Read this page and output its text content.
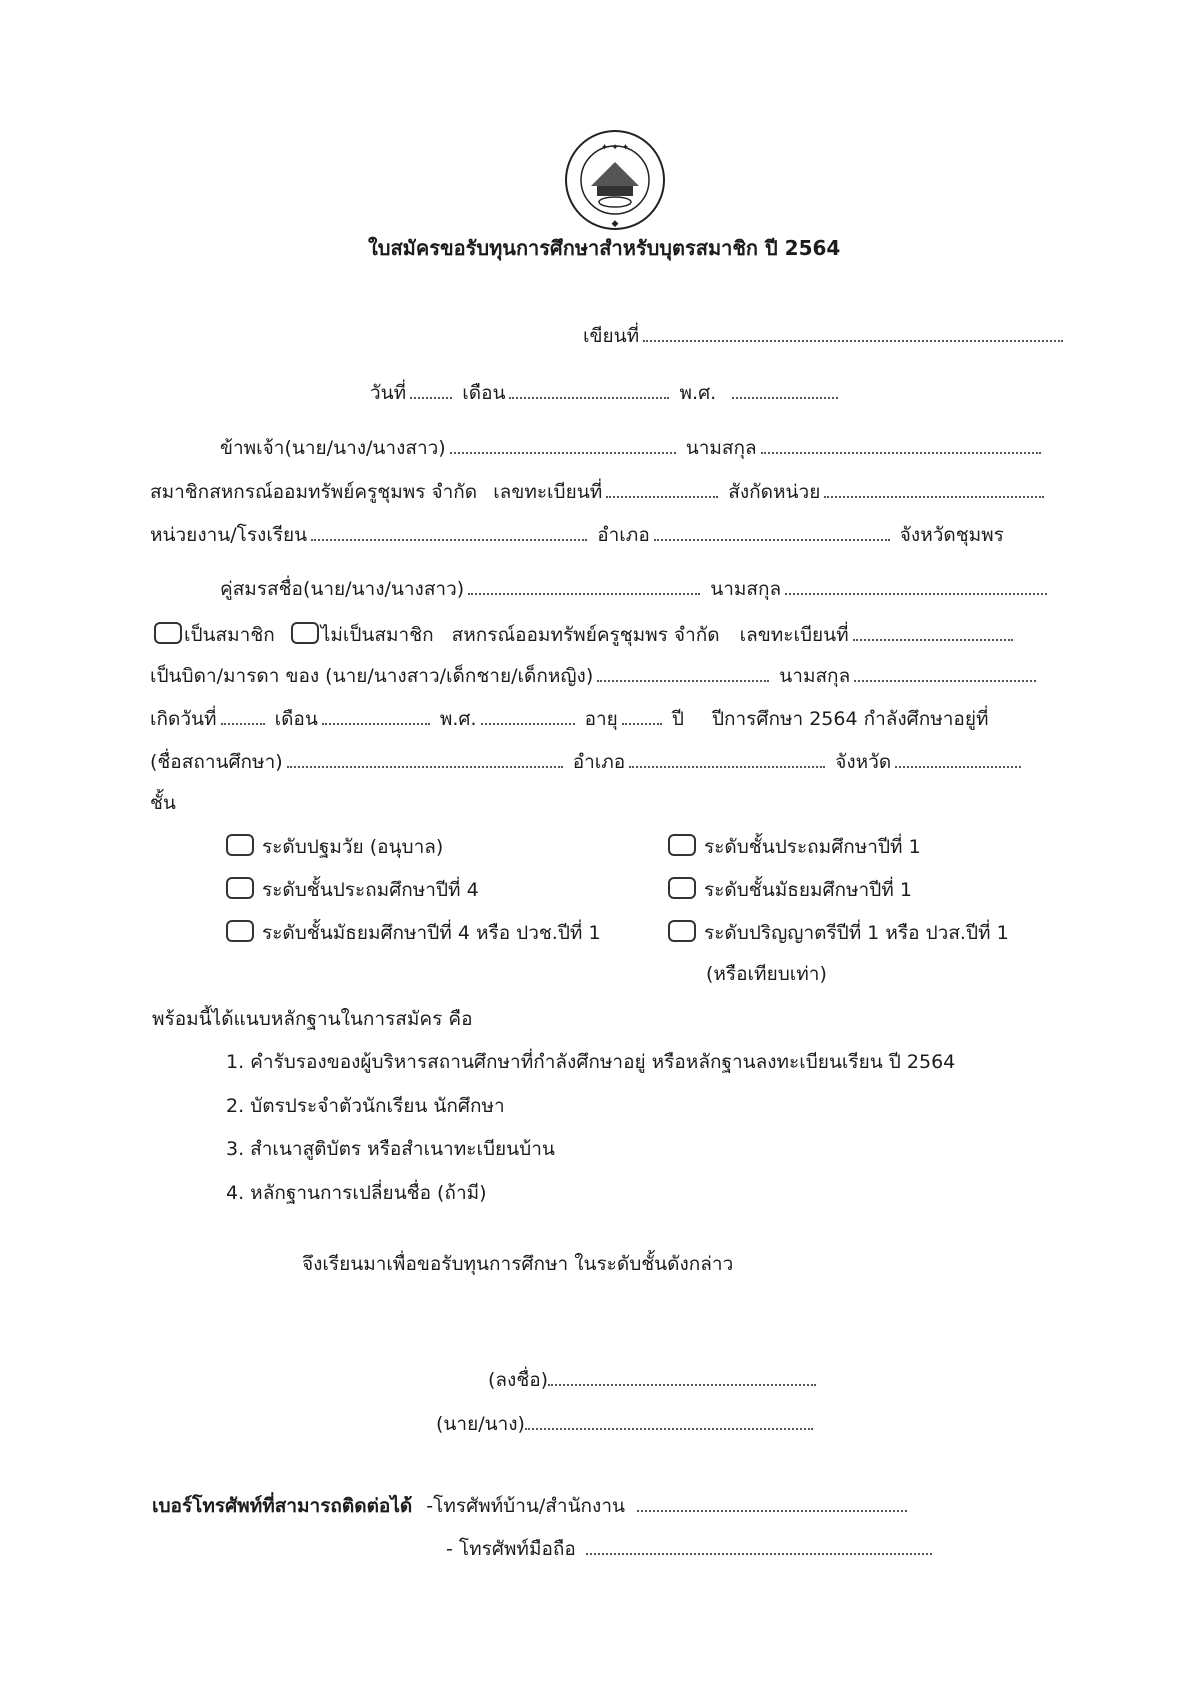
✦ ✦ ✦
◆
ใบสมัครขอรับทุนการศึกษาสำหรับบุตรสมาชิก ปี 2564
เขียนที่
วันที่	เดือน	พ.ศ.
ข้าพเจ้า(นาย/นาง/นางสาว)	นามสกุล
สมาชิกสหกรณ์ออมทรัพย์ครูชุมพร จำกัด เลขทะเบียนที่	สังกัดหน่วย
หน่วยงาน/โรงเรียน	อำเภอ	จังหวัดชุมพร
คู่สมรสชื่อ(นาย/นาง/นางสาว)	นามสกุล
เป็นสมาชิก ไม่เป็นสมาชิก สหกรณ์ออมทรัพย์ครูชุมพร จำกัด เลขทะเบียนที่
เป็นบิดา/มารดา ของ (นาย/นางสาว/เด็กชาย/เด็กหญิง)	นามสกุล
เกิดวันที่	เดือน	พ.ศ.	อายุ	ปี ปีการศึกษา 2564 กำลังศึกษาอยู่ที่
(ชื่อสถานศึกษา)	อำเภอ	จังหวัด
ชั้น
ระดับปฐมวัย (อนุบาล)	ระดับชั้นประถมศึกษาปีที่ 1
ระดับชั้นประถมศึกษาปีที่ 4	ระดับชั้นมัธยมศึกษาปีที่ 1
ระดับชั้นมัธยมศึกษาปีที่ 4 หรือ ปวช.ปีที่ 1	ระดับปริญญาตรีปีที่ 1 หรือ ปวส.ปีที่ 1
(หรือเทียบเท่า)
พร้อมนี้ได้แนบหลักฐานในการสมัคร คือ
1. คำรับรองของผู้บริหารสถานศึกษาที่กำลังศึกษาอยู่ หรือหลักฐานลงทะเบียนเรียน ปี 2564
2. บัตรประจำตัวนักเรียน นักศึกษา
3. สำเนาสูติบัตร หรือสำเนาทะเบียนบ้าน
4. หลักฐานการเปลี่ยนชื่อ (ถ้ามี)
จึงเรียนมาเพื่อขอรับทุนการศึกษา ในระดับชั้นดังกล่าว
(ลงชื่อ)
(นาย/นาง)
เบอร์โทรศัพท์ที่สามารถติดต่อได้ -โทรศัพท์บ้าน/สำนักงาน
- โทรศัพท์มือถือ
